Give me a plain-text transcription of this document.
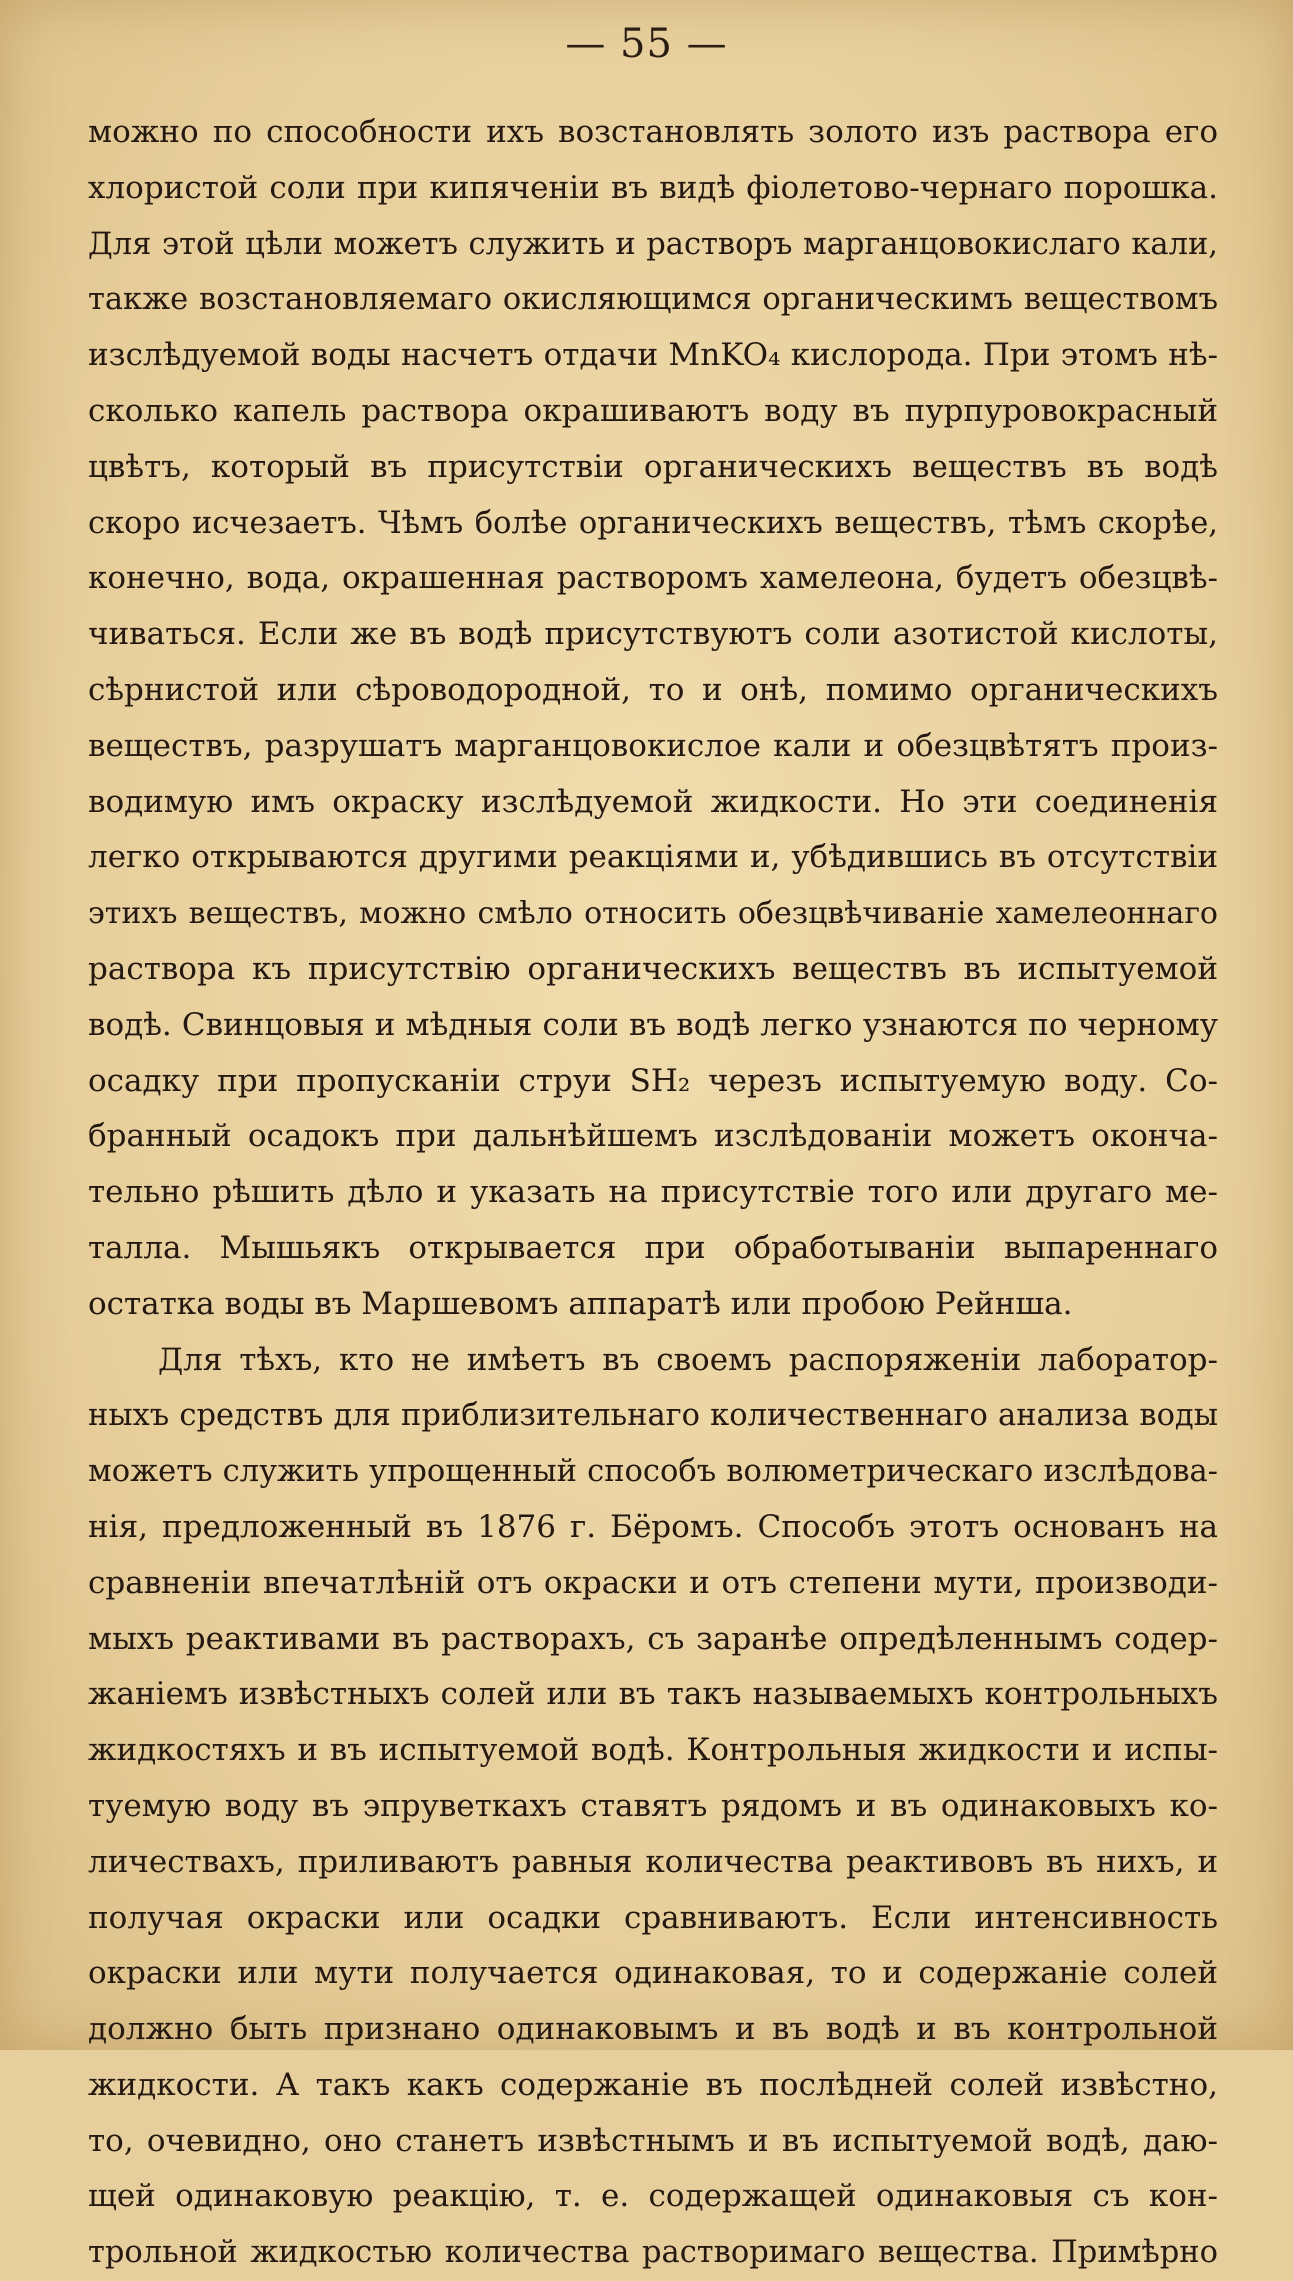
— 55 —
можно по способности ихъ возстановлять золото изъ раствора его
хлористой соли при кипяченіи въ видѣ фіолетово-чернаго порошка.
Для этой цѣли можетъ служить и растворъ марганцовокислаго кали,
также возстановляемаго окисляющимся органическимъ веществомъ
изслѣдуемой воды насчетъ отдачи MnKO₄ кислорода. При этомъ нѣ-
сколько капель раствора окрашиваютъ воду въ пурпуровокрасный
цвѣтъ, который въ присутствіи органическихъ веществъ въ водѣ
скоро исчезаетъ. Чѣмъ болѣе органическихъ веществъ, тѣмъ скорѣе,
конечно, вода, окрашенная растворомъ хамелеона, будетъ обезцвѣ-
чиваться. Если же въ водѣ присутствуютъ соли азотистой кислоты,
сѣрнистой или сѣроводородной, то и онѣ, помимо органическихъ
веществъ, разрушатъ марганцовокислое кали и обезцвѣтятъ произ-
водимую имъ окраску изслѣдуемой жидкости. Но эти соединенія
легко открываются другими реакціями и, убѣдившись въ отсутствіи
этихъ веществъ, можно смѣло относить обезцвѣчиваніе хамелеоннаго
раствора къ присутствію органическихъ веществъ въ испытуемой
водѣ. Свинцовыя и мѣдныя соли въ водѣ легко узнаются по черному
осадку при пропусканіи струи SH₂ черезъ испытуемую воду. Со-
бранный осадокъ при дальнѣйшемъ изслѣдованіи можетъ оконча-
тельно рѣшить дѣло и указать на присутствіе того или другаго ме-
талла. Мышьякъ открывается при обработываніи выпареннаго
остатка воды въ Маршевомъ аппаратѣ или пробою Рейнша.
Для тѣхъ, кто не имѣетъ въ своемъ распоряженіи лаборатор-
ныхъ средствъ для приблизительнаго количественнаго анализа воды
можетъ служить упрощенный способъ волюметрическаго изслѣдова-
нія, предложенный въ 1876 г. Бёромъ. Способъ этотъ основанъ на
сравненіи впечатлѣній отъ окраски и отъ степени мути, производи-
мыхъ реактивами въ растворахъ, съ заранѣе опредѣленнымъ содер-
жаніемъ извѣстныхъ солей или въ такъ называемыхъ контрольныхъ
жидкостяхъ и въ испытуемой водѣ. Контрольныя жидкости и испы-
туемую воду въ эпруветкахъ ставятъ рядомъ и въ одинаковыхъ ко-
личествахъ, приливаютъ равныя количества реактивовъ въ нихъ, и
получая окраски или осадки сравниваютъ. Если интенсивность
окраски или мути получается одинаковая, то и содержаніе солей
должно быть признано одинаковымъ и въ водѣ и въ контрольной
жидкости. А такъ какъ содержаніе въ послѣдней солей извѣстно,
то, очевидно, оно станетъ извѣстнымъ и въ испытуемой водѣ, даю-
щей одинаковую реакцію, т. е. содержащей одинаковыя съ кон-
трольной жидкостью количества растворимаго вещества. Примѣрно
